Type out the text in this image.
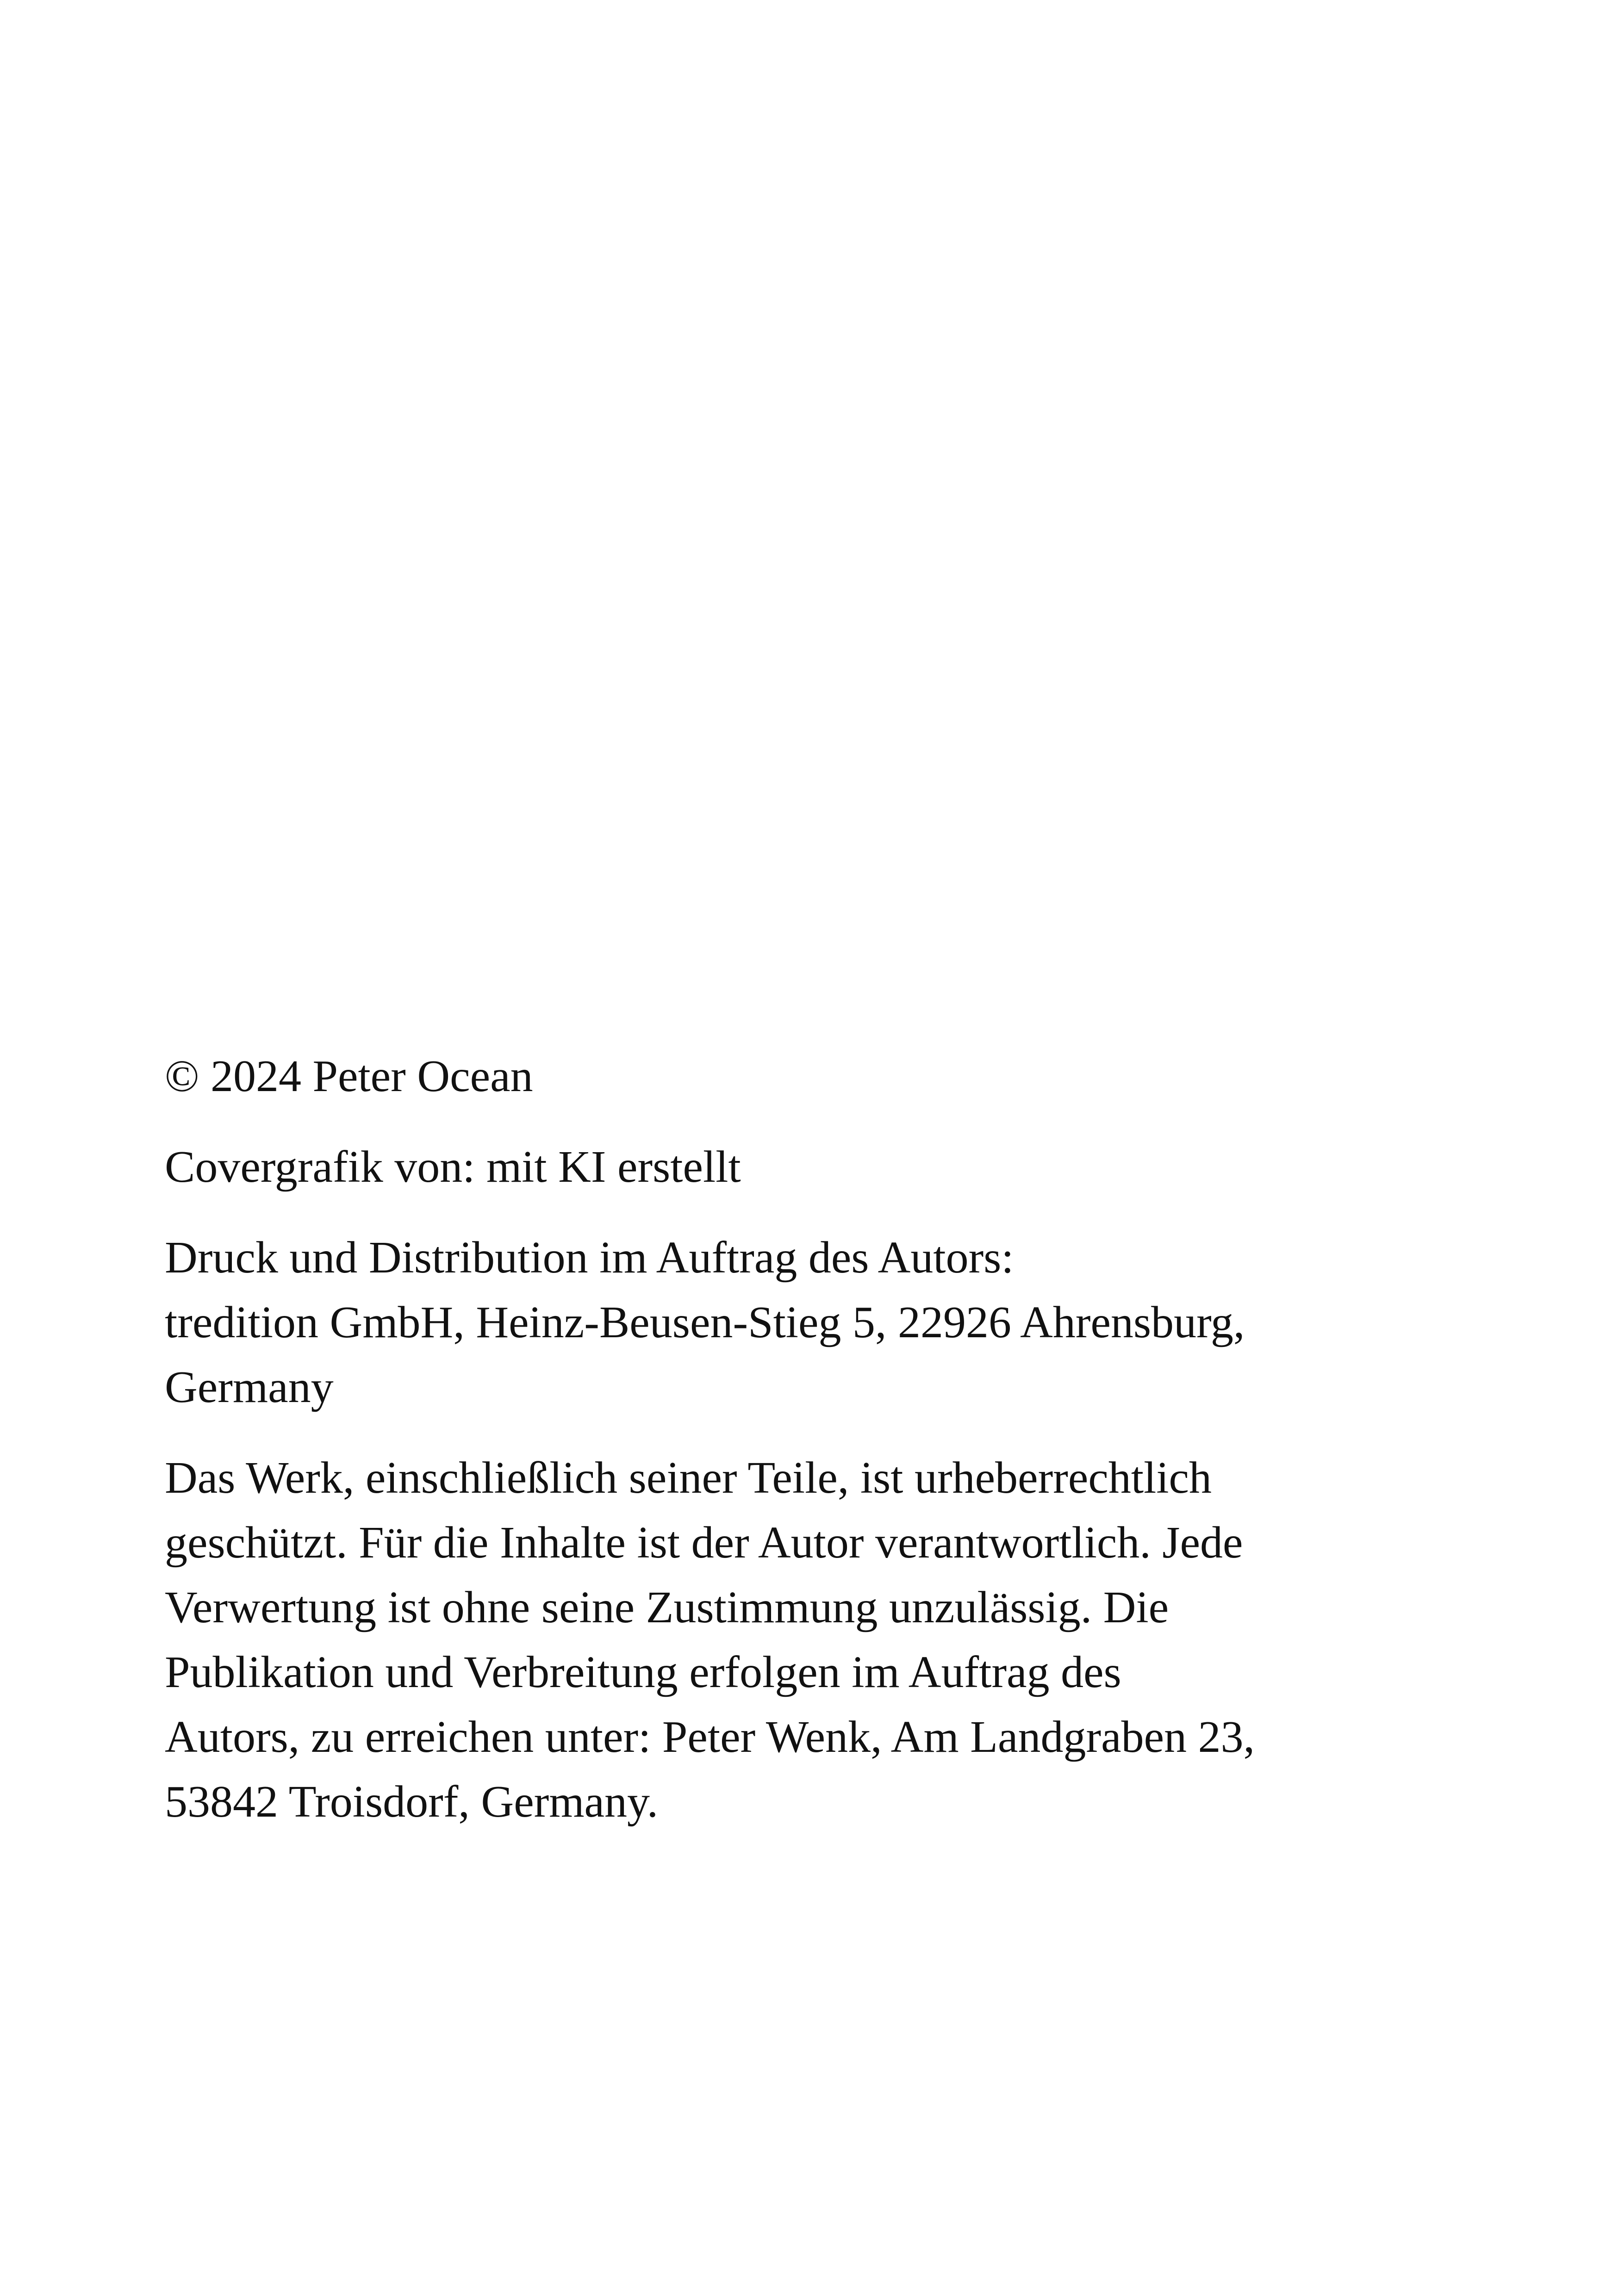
© 2024 Peter Ocean

Covergrafik von: mit KI erstellt

Druck und Distribution im Auftrag des Autors:
tredition GmbH, Heinz-Beusen-Stieg 5, 22926 Ahrensburg,
Germany

Das Werk, einschließlich seiner Teile, ist urheberrechtlich
geschützt. Für die Inhalte ist der Autor verantwortlich. Jede
Verwertung ist ohne seine Zustimmung unzulässig. Die
Publikation und Verbreitung erfolgen im Auftrag des
Autors, zu erreichen unter: Peter Wenk, Am Landgraben 23,
53842 Troisdorf, Germany.
